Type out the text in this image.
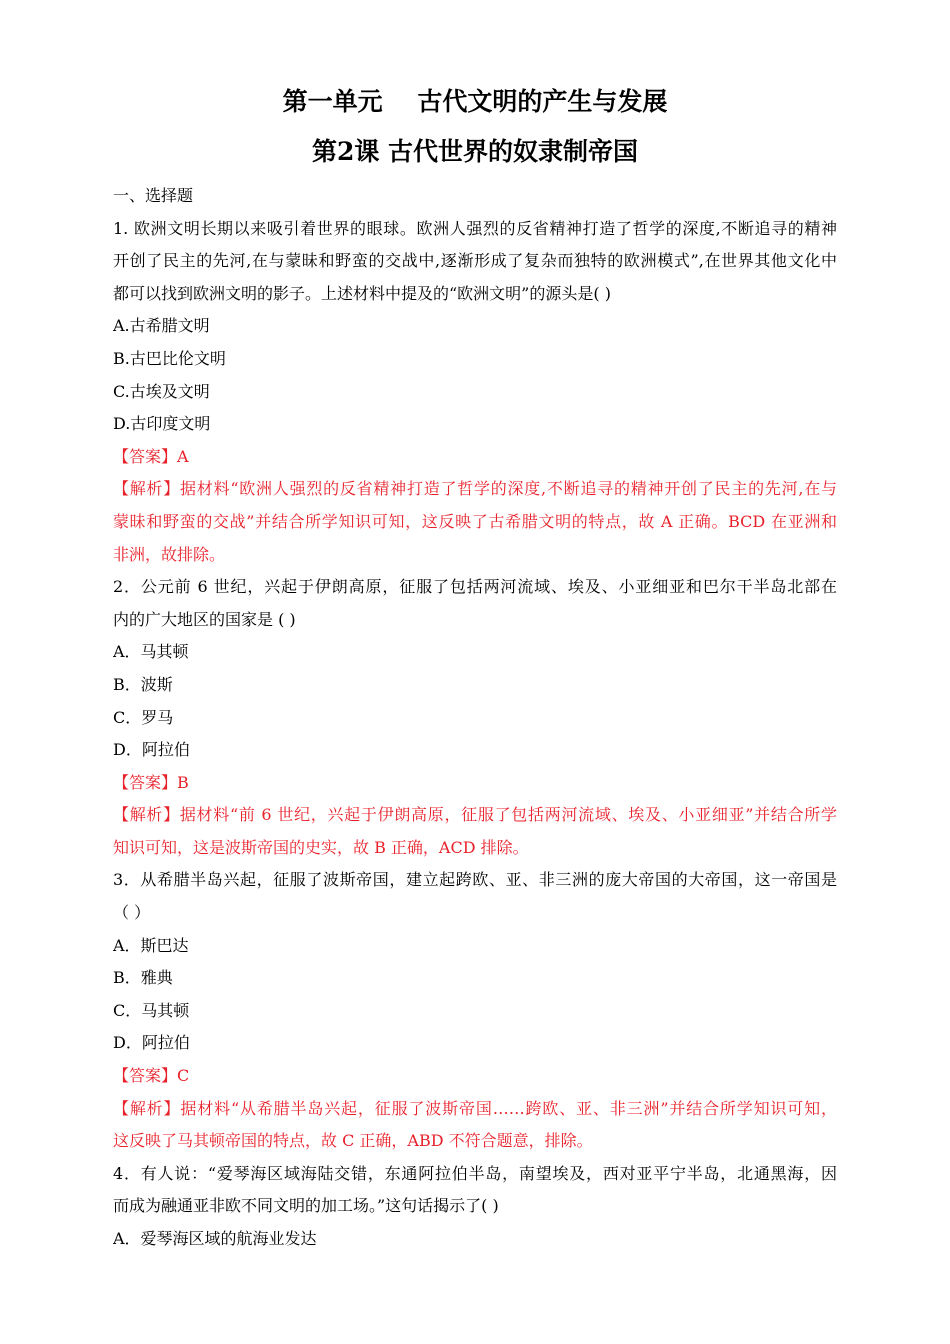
第一单元    古代文明的产生与发展
第2课 古代世界的奴隶制帝国
一、选择题
1. 欧洲文明长期以来吸引着世界的眼球。欧洲人强烈的反省精神打造了哲学的深度,不断追寻的精神
开创了民主的先河,在与蒙昧和野蛮的交战中,逐渐形成了复杂而独特的欧洲模式”,在世界其他文化中
都可以找到欧洲文明的影子。上述材料中提及的“欧洲文明”的源头是( )
A.古希腊文明
B.古巴比伦文明
C.古埃及文明
D.古印度文明
【答案】A
【解析】据材料“欧洲人强烈的反省精神打造了哲学的深度,不断追寻的精神开创了民主的先河,在与
蒙昧和野蛮的交战”并结合所学知识可知，这反映了古希腊文明的特点，故 A 正确。BCD 在亚洲和
非洲，故排除。
2．公元前 6 世纪，兴起于伊朗高原，征服了包括两河流域、埃及、小亚细亚和巴尔干半岛北部在
内的广大地区的国家是 ( )
A．马其顿
B．波斯
C．罗马
D．阿拉伯
【答案】B
【解析】据材料“前 6 世纪，兴起于伊朗高原，征服了包括两河流域、埃及、小亚细亚”并结合所学
知识可知，这是波斯帝国的史实，故 B 正确，ACD 排除。
3．从希腊半岛兴起，征服了波斯帝国，建立起跨欧、亚、非三洲的庞大帝国的大帝国，这一帝国是
（ ）
A．斯巴达
B．雅典
C．马其顿
D．阿拉伯
【答案】C
【解析】据材料“从希腊半岛兴起，征服了波斯帝国……跨欧、亚、非三洲”并结合所学知识可知，
这反映了马其顿帝国的特点，故 C 正确，ABD 不符合题意，排除。
4．有人说：“爱琴海区域海陆交错，东通阿拉伯半岛，南望埃及，西对亚平宁半岛，北通黑海，因
而成为融通亚非欧不同文明的加工场。”这句话揭示了( )
A．爱琴海区域的航海业发达
